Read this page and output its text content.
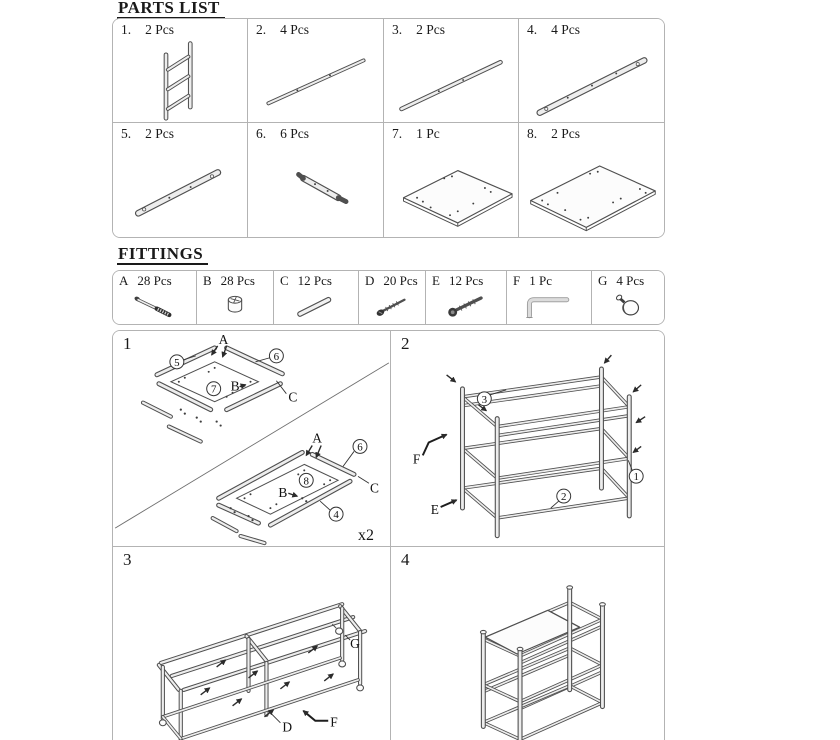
PARTS LIST
1. 2 Pcs	2. 4 Pcs	3. 2 Pcs	4. 4 Pcs
5. 2 Pcs	6. 6 Pcs	7. 1 Pc	8. 2 Pcs
FITTINGS
A 28 Pcs B 28 Pcs C 12 Pcs	D 20 Pcs E 12 Pcs F 1 Pc	G 4 Pcs
5	6
A
7 B
C
A
6
C
8
B
4
x2
1
3
F
E
1
2
2
G
D	F
3	4
